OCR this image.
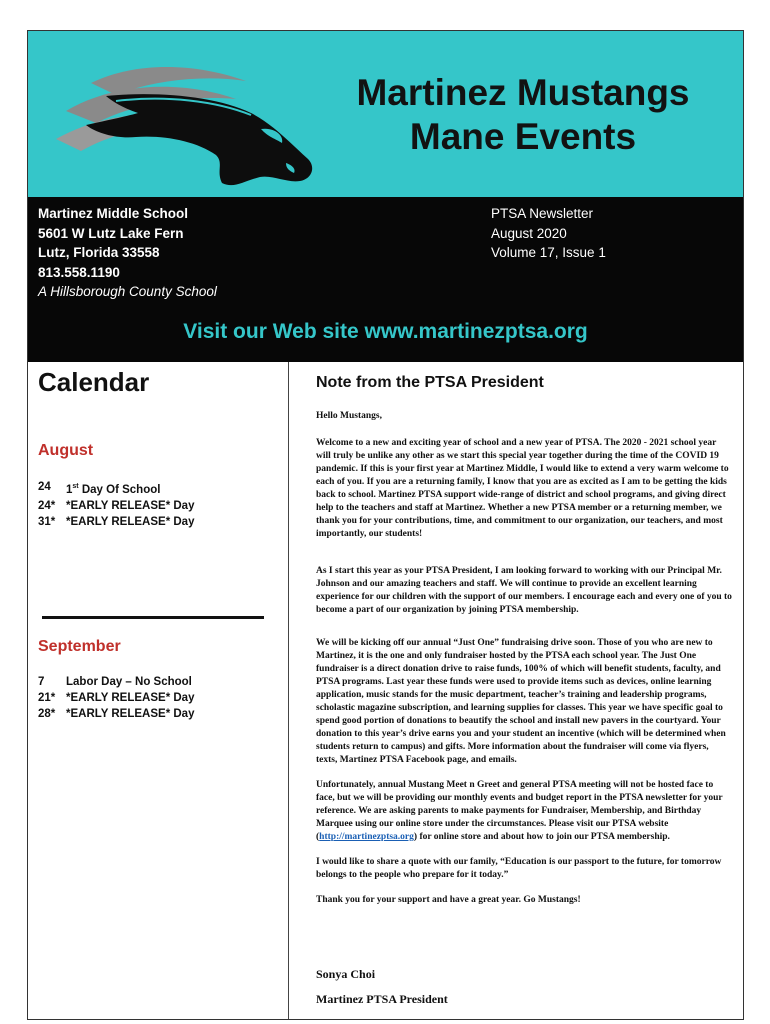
Martinez Mustangs
Mane Events
Martinez Middle School
5601 W Lutz Lake Fern
Lutz, Florida 33558
813.558.1190
A Hillsborough County School
PTSA Newsletter
August 2020
Volume 17, Issue 1
Visit our Web site www.martinezptsa.org
Calendar
August
24	1st Day Of School
24* *EARLY RELEASE* Day
31* *EARLY RELEASE* Day
September
7	Labor Day – No School
21* *EARLY RELEASE* Day
28* *EARLY RELEASE* Day
Note from the PTSA President

Hello Mustangs,

Welcome to a new and exciting year of school and a new year of PTSA. The 2020 - 2021 school year will truly be unlike any other as we start this special year together during the time of the COVID 19 pandemic. If this is your first year at Martinez Middle, I would like to extend a very warm welcome to each of you. If you are a returning family, I know that you are as excited as I am to be getting the kids back to school. Martinez PTSA support wide-range of district and school programs, and giving direct help to the teachers and staff at Martinez. Whether a new PTSA member or a returning member, we thank you for your contributions, time, and commitment to our organization, our teachers, and most importantly, our students!

As I start this year as your PTSA President, I am looking forward to working with our Principal Mr. Johnson and our amazing teachers and staff. We will continue to provide an excellent learning experience for our children with the support of our members. I encourage each and every one of you to become a part of our organization by joining PTSA membership.

We will be kicking off our annual “Just One” fundraising drive soon. Those of you who are new to Martinez, it is the one and only fundraiser hosted by the PTSA each school year. The Just One fundraiser is a direct donation drive to raise funds, 100% of which will benefit students, faculty, and PTSA programs. Last year these funds were used to provide items such as devices, online learning application, music stands for the music department, teacher’s training and leadership programs, scholastic magazine subscription, and learning supplies for classes. This year we have specific goal to spend good portion of donations to beautify the school and install new pavers in the courtyard. Your donation to this year’s drive earns you and your student an incentive (which will be determined when students return to campus) and gifts. More information about the fundraiser will come via flyers, texts, Martinez PTSA Facebook page, and emails.

Unfortunately, annual Mustang Meet n Greet and general PTSA meeting will not be hosted face to face, but we will be providing our monthly events and budget report in the PTSA newsletter for your reference. We are asking parents to make payments for Fundraiser, Membership, and Birthday Marquee using our online store under the circumstances. Please visit our PTSA website (http://martinezptsa.org) for online store and about how to join our PTSA membership.

I would like to share a quote with our family, “Education is our passport to the future, for tomorrow belongs to the people who prepare for it today.”

Thank you for your support and have a great year. Go Mustangs!

Sonya Choi
Martinez PTSA President
